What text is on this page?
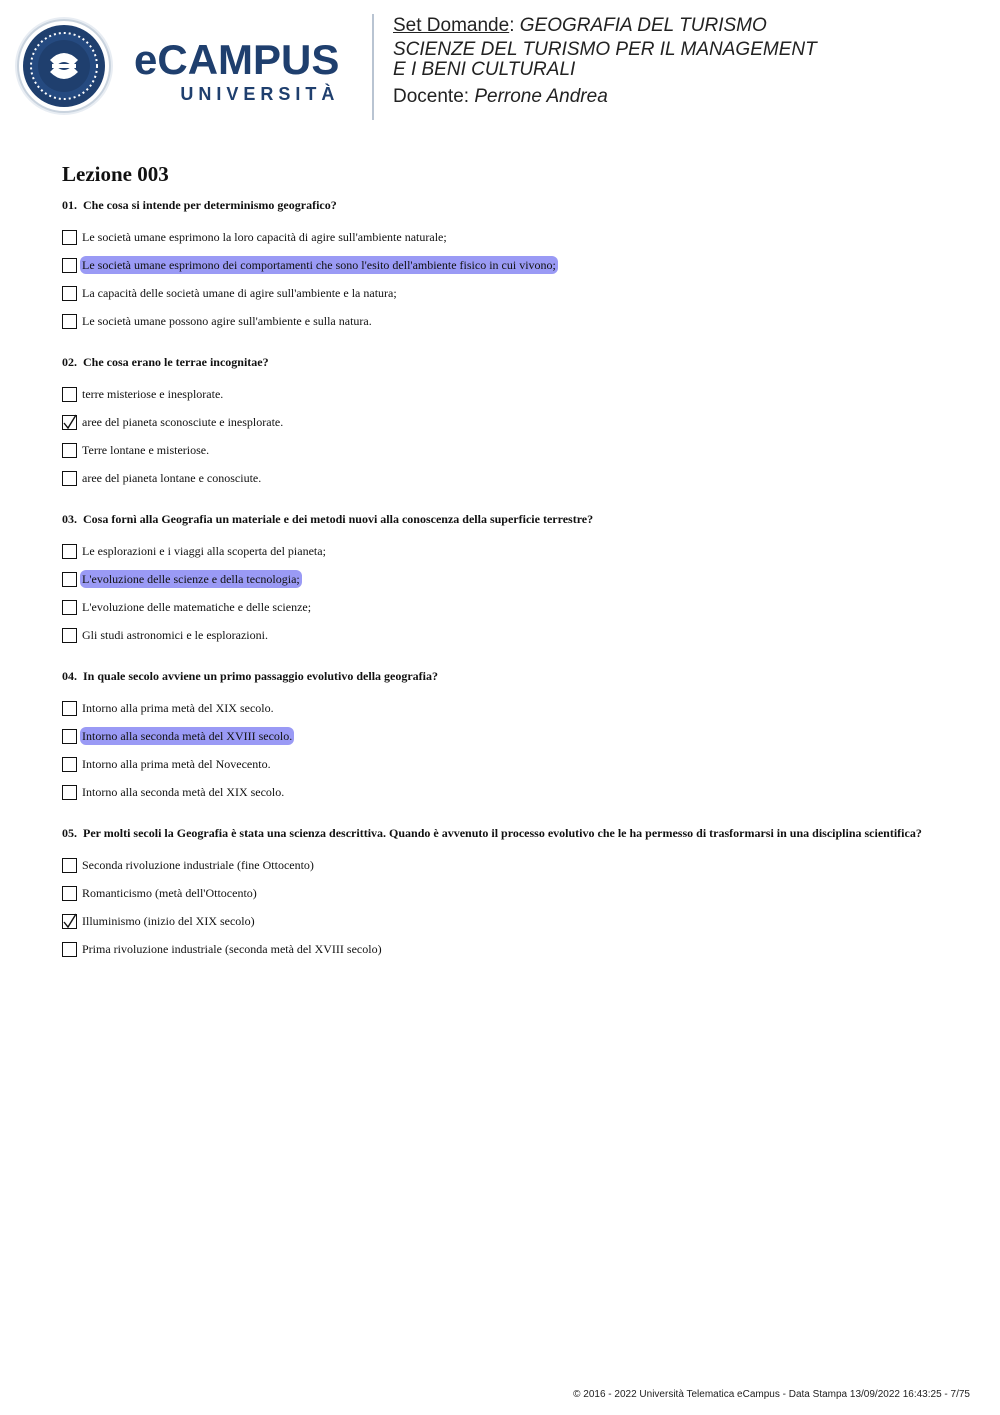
eCAMPUS
UNIVERSITÀ
Set Domande: GEOGRAFIA DEL TURISMO
SCIENZE DEL TURISMO PER IL MANAGEMENT
E I BENI CULTURALI
Docente: Perrone Andrea
Lezione 003
01. Che cosa si intende per determinismo geografico?
Le società umane esprimono la loro capacità di agire sull'ambiente naturale;
Le società umane esprimono dei comportamenti che sono l'esito dell'ambiente fisico in cui vivono;
La capacità delle società umane di agire sull'ambiente e la natura;
Le società umane possono agire sull'ambiente e sulla natura.
02. Che cosa erano le terrae incognitae?
terre misteriose e inesplorate.
aree del pianeta sconosciute e inesplorate.
Terre lontane e misteriose.
aree del pianeta lontane e conosciute.
03. Cosa fornì alla Geografia un materiale e dei metodi nuovi alla conoscenza della superficie terrestre?
Le esplorazioni e i viaggi alla scoperta del pianeta;
L'evoluzione delle scienze e della tecnologia;
L'evoluzione delle matematiche e delle scienze;
Gli studi astronomici e le esplorazioni.
04. In quale secolo avviene un primo passaggio evolutivo della geografia?
Intorno alla prima metà del XIX secolo.
Intorno alla seconda metà del XVIII secolo.
Intorno alla prima metà del Novecento.
Intorno alla seconda metà del XIX secolo.
05. Per molti secoli la Geografia è stata una scienza descrittiva. Quando è avvenuto il processo evolutivo che le ha permesso di trasformarsi in una disciplina scientifica?
Seconda rivoluzione industriale (fine Ottocento)
Romanticismo (metà dell'Ottocento)
Illuminismo (inizio del XIX secolo)
Prima rivoluzione industriale (seconda metà del XVIII secolo)
© 2016 - 2022 Università Telematica eCampus - Data Stampa 13/09/2022 16:43:25 - 7/75
